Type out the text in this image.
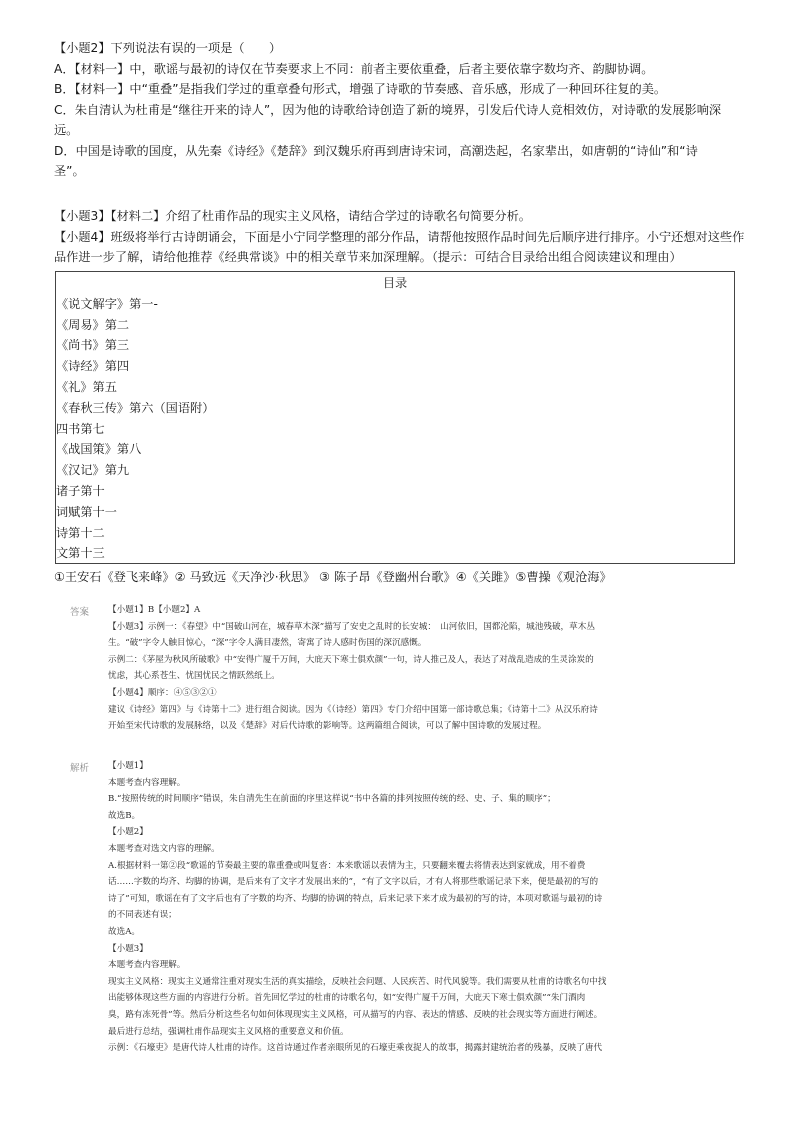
【小题2】下列说法有误的一项是（　　）

A．【材料一】中，歌谣与最初的诗仅在节奏要求上不同：前者主要依重叠，后者主要依靠字数均齐、韵脚协调。

B．【材料一】中“重叠”是指我们学过的重章叠句形式，增强了诗歌的节奏感、音乐感，形成了一种回环往复的美。

C．朱自清认为杜甫是“继往开来的诗人”，因为他的诗歌给诗创造了新的境界，引发后代诗人竞相效仿，对诗歌的发展影响深

远。

D．中国是诗歌的国度，从先秦《诗经》《楚辞》到汉魏乐府再到唐诗宋词，高潮迭起，名家辈出，如唐朝的“诗仙”和“诗

圣”。

【小题3】【材料二】介绍了杜甫作品的现实主义风格，请结合学过的诗歌名句简要分析。

【小题4】班级将举行古诗朗诵会，下面是小宁同学整理的部分作品，请帮他按照作品时间先后顺序进行排序。小宁还想对这些作

品作进一步了解，请给他推荐《经典常谈》中的相关章节来加深理解。（提示：可结合目录给出组合阅读建议和理由）

目录

《说文解字》第一-

《周易》第二

《尚书》第三

《诗经》第四

《礼》第五

《春秋三传》第六（国语附）

四书第七

《战国策》第八

《汉记》第九

诸子第十

词赋第十一

诗第十二

文第十三

①王安石《登飞来峰》② 马致远《天净沙·秋思》 ③ 陈子昂《登幽州台歌》④《关雎》⑤曹操《观沧海》
答案 【小题1】B【小题2】A

【小题3】示例一：《春望》中“国破山河在，城春草木深”描写了安史之乱时的长安城：　山河依旧，国都沦陷，城池残破，草木丛

生。“破”字令人触目惊心，“深”字令人满目凄然，寄寓了诗人感时伤国的深沉感慨。

示例二：《茅屋为秋风所破歌》中“安得广厦千万间，大庇天下寒士俱欢颜”一句，诗人推己及人，表达了对战乱造成的生灵涂炭的

忧虑，其心系苍生、忧国忧民之情跃然纸上。

【小题4】顺序：④⑤③②①

建议《诗经》第四》与《诗第十二》进行组合阅读。因为《（诗经）第四》专门介绍中国第一部诗歌总集；《诗第十二》从汉乐府诗

开始至宋代诗歌的发展脉络，以及《楚辞》对后代诗歌的影响等。这两篇组合阅读，可以了解中国诗歌的发展过程。

解析 【小题1】

本题考查内容理解。

B.“按照传统的时间顺序”错误，朱自清先生在前面的序里这样说“书中各篇的排列按照传统的经、史、子、集的顺序”；

故选B。

【小题2】

本题考查对选文内容的理解。

A.根据材料一第②段“歌谣的节奏最主要的靠重叠或叫复沓：本来歌谣以表情为主，只要翻来覆去将情表达到家就成，用不着费

话……字数的均齐、均脚的协调，是后来有了文字才发展出来的”，“有了文字以后，才有人将那些歌谣记录下来，便是最初的写的

诗了”可知，歌谣在有了文字后也有了字数的均齐、均脚的协调的特点，后来记录下来才成为最初的写的诗，本项对歌谣与最初的诗

的不同表述有误；

故选A。

【小题3】

本题考查内容理解。

现实主义风格：现实主义通常注重对现实生活的真实描绘，反映社会问题、人民疾苦、时代风貌等。我们需要从杜甫的诗歌名句中找

出能够体现这些方面的内容进行分析。首先回忆学过的杜甫的诗歌名句，如“安得广厦千万间，大庇天下寒士俱欢颜”“朱门酒肉

臭，路有冻死骨”等。然后分析这些名句如何体现现实主义风格，可从描写的内容、表达的情感、反映的社会现实等方面进行阐述。

最后进行总结，强调杜甫作品现实主义风格的重要意义和价值。

示例：《石壕吏》是唐代诗人杜甫的诗作。这首诗通过作者亲眼所见的石壕吏乘夜捉人的故事，揭露封建统治者的残暴，反映了唐代
